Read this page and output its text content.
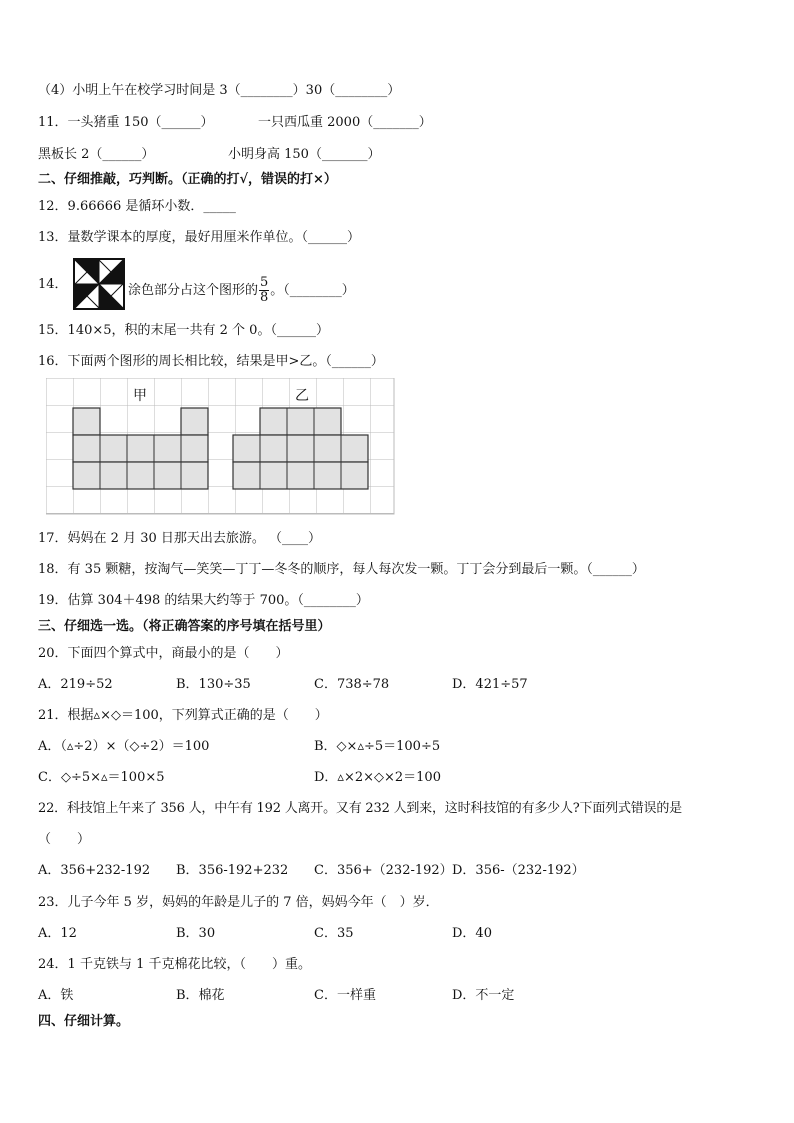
（4）小明上午在校学习时间是 3（________）30（________）
11．一头猪重 150（______）	一只西瓜重 2000（_______）
黑板长 2（______）	小明身高 150（_______）
二、仔细推敲，巧判断。（正确的打√，错误的打×）
12．9.66666 是循环小数．_____
13．量数学课本的厚度，最好用厘米作单位。（______）
14．	涂色部分占这个图形的 $\frac{5}{8}$ 。（________）
15．140×5，积的末尾一共有 2 个 0。（______）
16．下面两个图形的周长相比较，结果是甲>乙。（______）
甲	乙
17．妈妈在 2 月 30 日那天出去旅游。 （____）
18．有 35 颗糖，按淘气—笑笑—丁丁—冬冬的顺序，每人每次发一颗。丁丁会分到最后一颗。（______）
19．估算 304＋498 的结果大约等于 700。（________）
三、仔细选一选。（将正确答案的序号填在括号里）
20．下面四个算式中，商最小的是（　　）
A．219÷52	B．130÷35	C．738÷78	D．421÷57
21．根据▵×◇＝100，下列算式正确的是（　　）
A．（▵÷2）×（◇÷2）＝100	B．◇×▵÷5＝100÷5
C．◇÷5×▵＝100×5	D．▵×2×◇×2＝100
22．科技馆上午来了 356 人，中午有 192 人离开。又有 232 人到来，这时科技馆的有多少人?下面列式错误的是
（　　）
A．356+232-192 B．356-192+232 C．356+（232-192） D．356-（232-192）
23．儿子今年 5 岁，妈妈的年龄是儿子的 7 倍，妈妈今年（　）岁．
A．12	B．30	C．35	D．40
24．1 千克铁与 1 千克棉花比较，（　　）重。
A．铁	B．棉花	C．一样重	D．不一定
四、仔细计算。
